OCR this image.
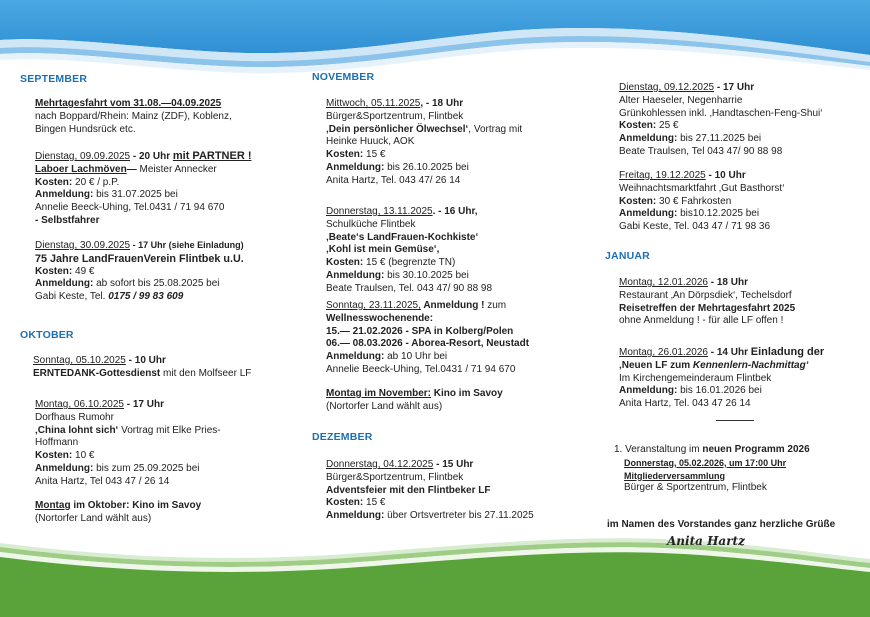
SEPTEMBER
Mehrtagesfahrt vom 31.08.—04.09.2025
nach Boppard/Rhein: Mainz (ZDF), Koblenz,
Bingen Hundsrück etc.
Dienstag, 09.09.2025 - 20 Uhr mit PARTNER !
Laboer Lachmöven— Meister Annecker
Kosten: 20 € / p.P.
Anmeldung: bis 31.07.2025 bei
Annelie Beeck-Uhing, Tel.0431 / 71 94 670
- Selbstfahrer
Dienstag, 30.09.2025 - 17 Uhr (siehe Einladung)
75 Jahre LandFrauenVerein Flintbek u.U.
Kosten: 49 €
Anmeldung: ab sofort bis 25.08.2025 bei
Gabi Keste, Tel. 0175 / 99 83 609
OKTOBER
Sonntag, 05.10.2025 - 10 Uhr
ERNTEDANK-Gottesdienst mit den Molfseer LF
Montag, 06.10.2025 - 17 Uhr
Dorfhaus Rumohr
‚China lohnt sich‘ Vortrag mit Elke Pries-
Hoffmann
Kosten: 10 €
Anmeldung: bis zum 25.09.2025 bei
Anita Hartz, Tel 043 47 / 26 14
Montag im Oktober: Kino im Savoy
(Nortorfer Land wählt aus)
NOVEMBER
Mittwoch, 05.11.2025, - 18 Uhr
Bürger&Sportzentrum, Flintbek
‚Dein persönlicher Ölwechsel‘, Vortrag mit
Heinke Huuck, AOK
Kosten: 15 €
Anmeldung: bis 26.10.2025 bei
Anita Hartz, Tel. 043 47/ 26 14
Donnerstag, 13.11.2025. - 16 Uhr,
Schulküche Flintbek
‚Beate‘s LandFrauen-Kochkiste‘
‚Kohl ist mein Gemüse‘,
Kosten: 15 € (begrenzte TN)
Anmeldung: bis 30.10.2025 bei
Beate Traulsen, Tel. 043 47/ 90 88 98
Sonntag, 23.11.2025, Anmeldung ! zum
Wellnesswochenende:
15.— 21.02.2026 - SPA in Kolberg/Polen
06.— 08.03.2026 - Aborea-Resort, Neustadt
Anmeldung: ab 10 Uhr bei
Annelie Beeck-Uhing, Tel.0431 / 71 94 670
Montag im November: Kino im Savoy
(Nortorfer Land wählt aus)
DEZEMBER
Donnerstag, 04.12.2025 - 15 Uhr
Bürger&Sportzentrum, Flintbek
Adventsfeier mit den Flintbeker LF
Kosten: 15 €
Anmeldung: über Ortsvertreter bis 27.11.2025
Dienstag, 09.12.2025 - 17 Uhr
Alter Haeseler, Negenharrie
Grünkohlessen inkl. ‚Handtaschen-Feng-Shui‘
Kosten: 25 €
Anmeldung: bis 27.11.2025 bei
Beate Traulsen, Tel 043 47/ 90 88 98
Freitag, 19.12.2025 - 10 Uhr
Weihnachtsmarktfahrt ‚Gut Basthorst‘
Kosten: 30 € Fahrkosten
Anmeldung: bis10.12.2025 bei
Gabi Keste, Tel. 043 47 / 71 98 36
JANUAR
Montag, 12.01.2026 - 18 Uhr
Restaurant ‚An Dörpsdiek‘, Techelsdorf
Reisetreffen der Mehrtagesfahrt 2025
ohne Anmeldung ! - für alle LF offen !
Montag, 26.01.2026 - 14 Uhr Einladung der
‚Neuen LF zum Kennenlern-Nachmittag‘
Im Kirchengemeinderaum Flintbek
Anmeldung: bis 16.01.2026 bei
Anita Hartz, Tel. 043 47 26 14
1. Veranstaltung im neuen Programm 2026
Donnerstag, 05.02.2026, um 17:00 Uhr
Mitgliederversammlung
Bürger & Sportzentrum, Flintbek
im Namen des Vorstandes ganz herzliche Grüße
Anita Hartz
